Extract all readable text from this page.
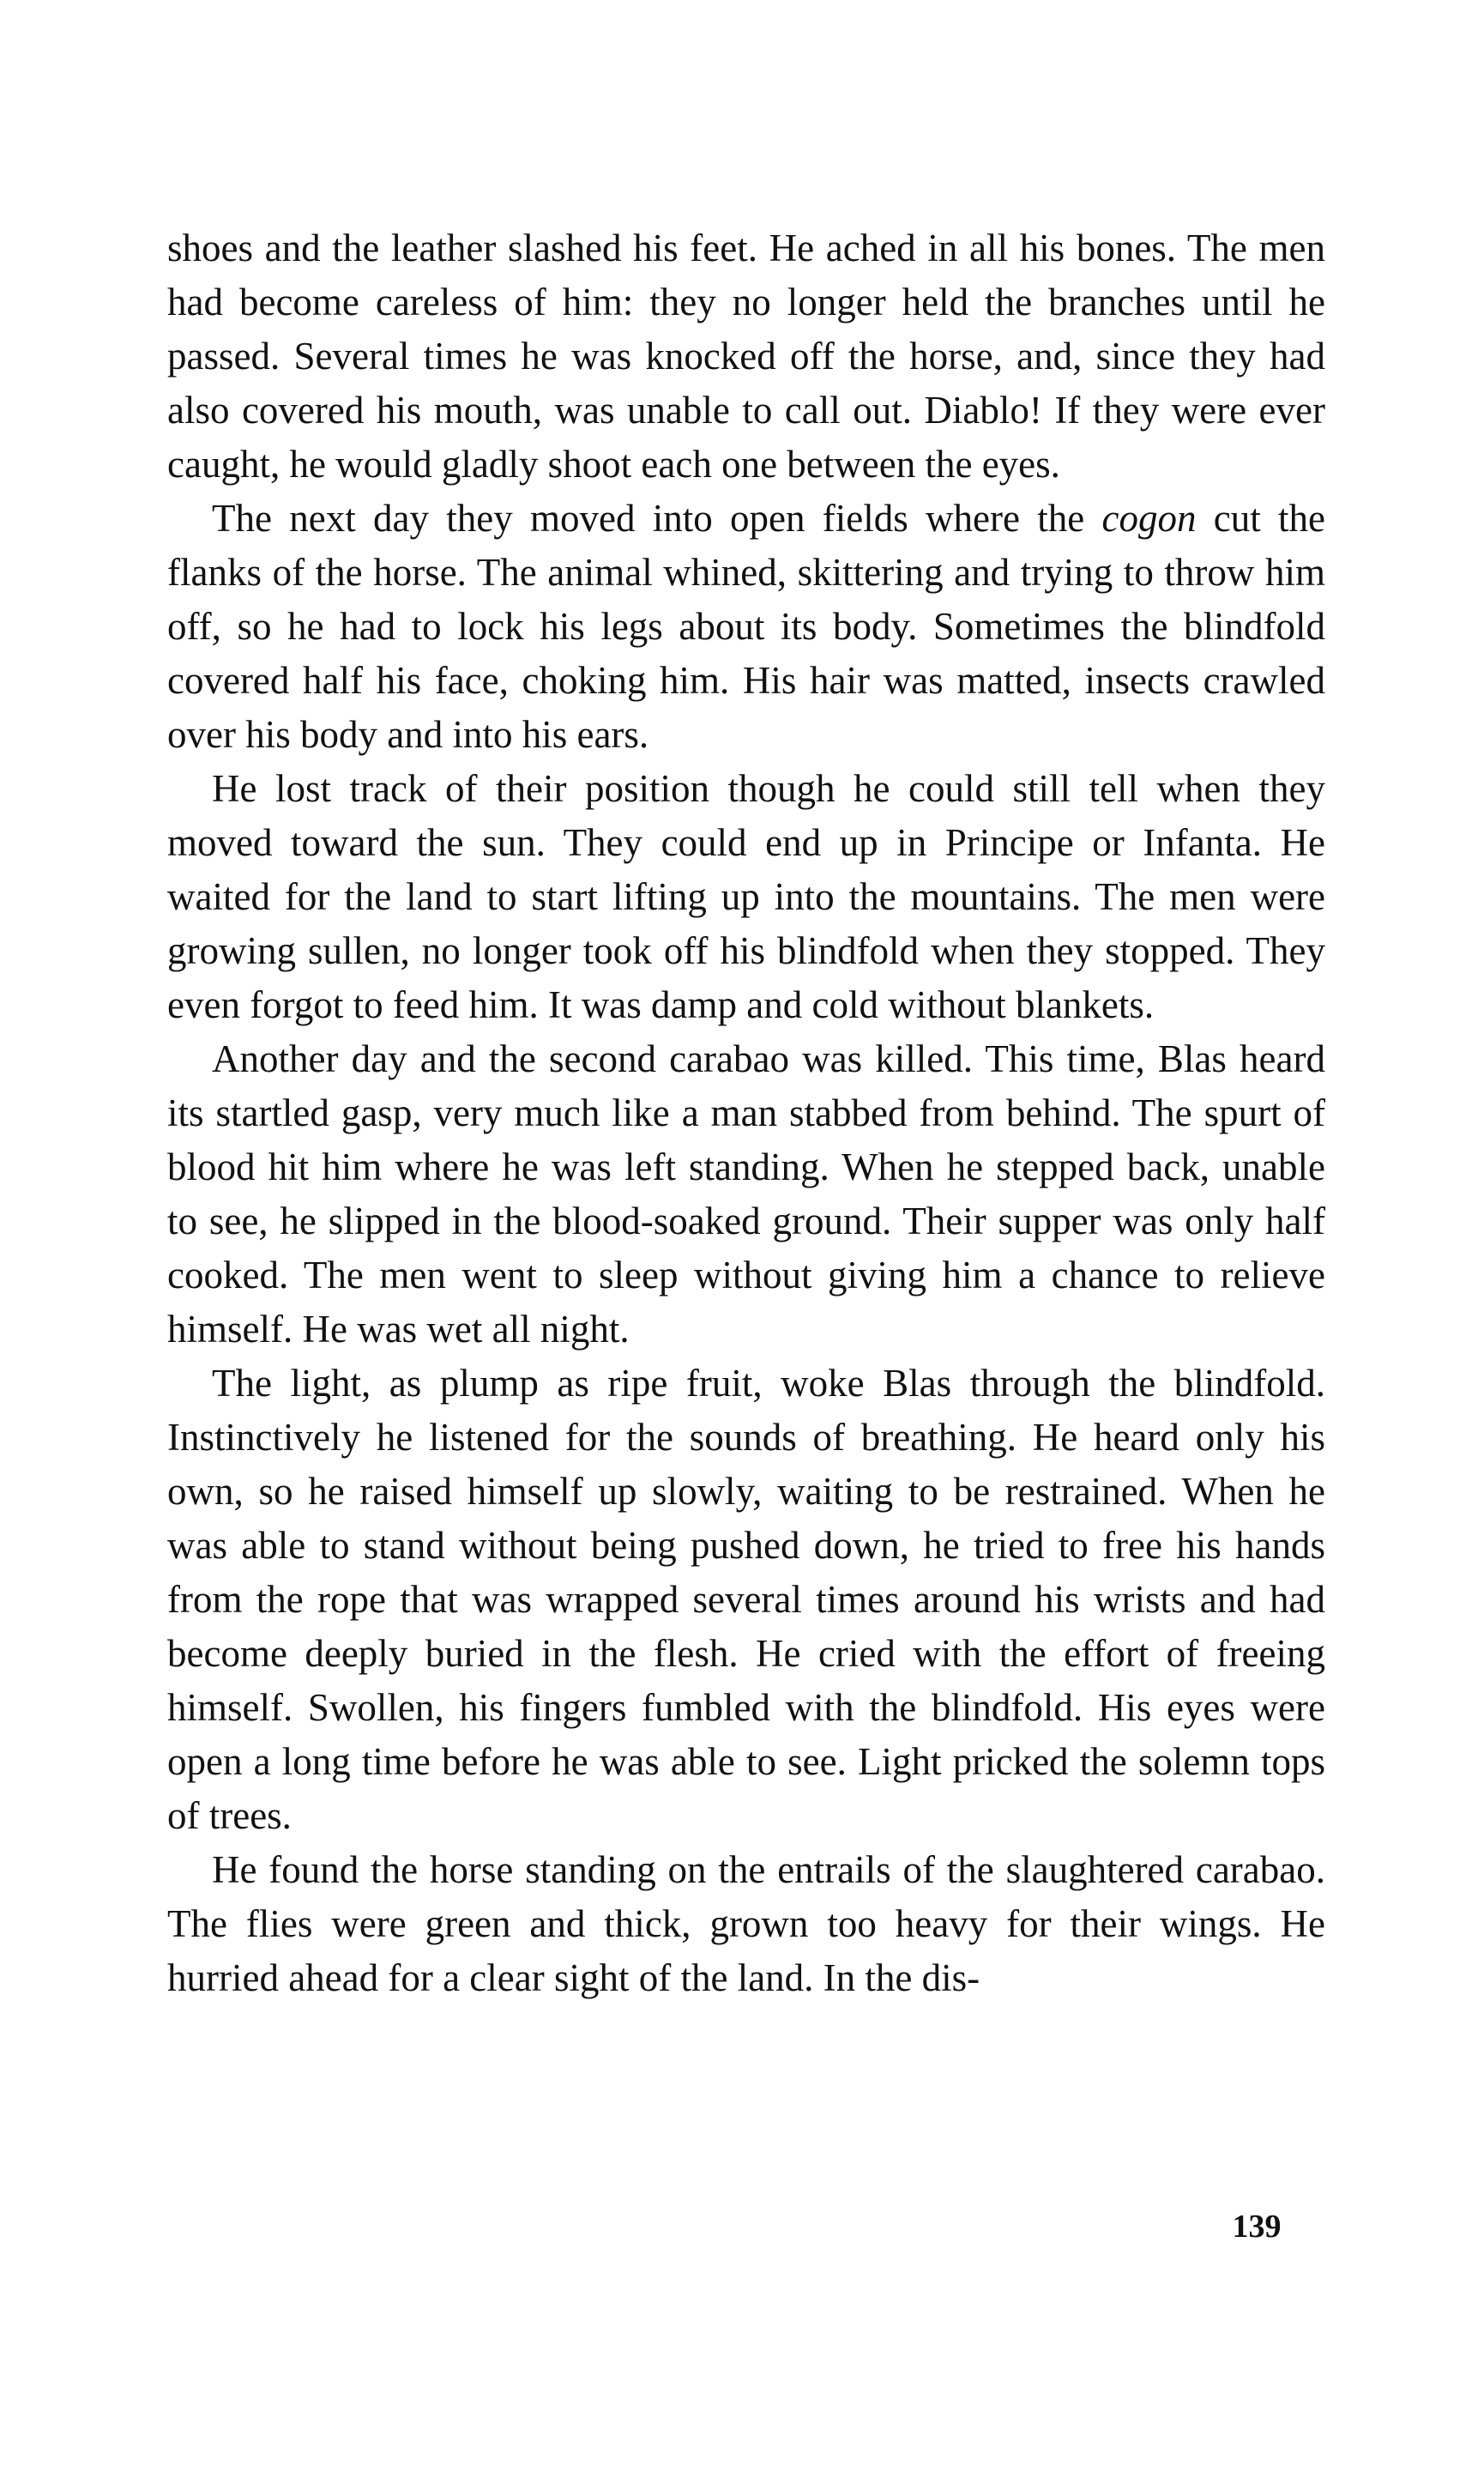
shoes and the leather slashed his feet. He ached in all his bones. The men had become careless of him: they no longer held the branches until he passed. Several times he was knocked off the horse, and, since they had also covered his mouth, was unable to call out. Diablo! If they were ever caught, he would gladly shoot each one between the eyes.

The next day they moved into open fields where the cogon cut the flanks of the horse. The animal whined, skittering and trying to throw him off, so he had to lock his legs about its body. Sometimes the blindfold covered half his face, choking him. His hair was matted, insects crawled over his body and into his ears.

He lost track of their position though he could still tell when they moved toward the sun. They could end up in Principe or Infanta. He waited for the land to start lifting up into the mountains. The men were growing sullen, no longer took off his blindfold when they stopped. They even forgot to feed him. It was damp and cold without blankets.

Another day and the second carabao was killed. This time, Blas heard its startled gasp, very much like a man stabbed from behind. The spurt of blood hit him where he was left standing. When he stepped back, unable to see, he slipped in the blood-soaked ground. Their supper was only half cooked. The men went to sleep without giving him a chance to relieve himself. He was wet all night.

The light, as plump as ripe fruit, woke Blas through the blindfold. Instinctively he listened for the sounds of breathing. He heard only his own, so he raised himself up slowly, waiting to be restrained. When he was able to stand without being pushed down, he tried to free his hands from the rope that was wrapped several times around his wrists and had become deeply buried in the flesh. He cried with the effort of freeing himself. Swollen, his fingers fumbled with the blindfold. His eyes were open a long time before he was able to see. Light pricked the solemn tops of trees.

He found the horse standing on the entrails of the slaughtered carabao. The flies were green and thick, grown too heavy for their wings. He hurried ahead for a clear sight of the land. In the dis-

139
